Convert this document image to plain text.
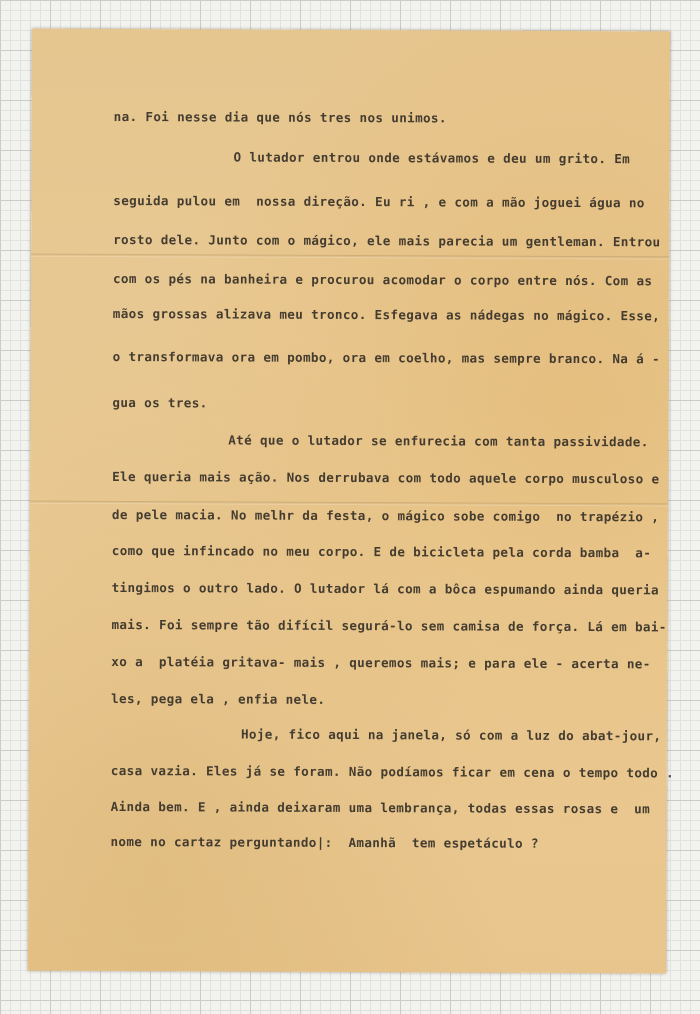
na. Foi nesse dia que nós tres nos unimos.
O lutador entrou onde estávamos e deu um grito. Em
seguida pulou em  nossa direção. Eu ri , e com a mão joguei água no
rosto dele. Junto com o mágico, ele mais parecia um gentleman. Entrou
com os pés na banheira e procurou acomodar o corpo entre nós. Com as
mãos grossas alizava meu tronco. Esfegava as nádegas no mágico. Esse,
o transformava ora em pombo, ora em coelho, mas sempre branco. Na á -
gua os tres.
Até que o lutador se enfurecia com tanta passividade.
Ele queria mais ação. Nos derrubava com todo aquele corpo musculoso e
de pele macia. No melhr da festa, o mágico sobe comigo  no trapézio ,
como que infincado no meu corpo. E de bicicleta pela corda bamba  a-
tingimos o outro lado. O lutador lá com a bôca espumando ainda queria
mais. Foi sempre tão difícil segurá-lo sem camisa de força. Lá em bai-
xo a  platéia gritava- mais , queremos mais; e para ele - acerta ne-
les, pega ela , enfia nele.
Hoje, fico aqui na janela, só com a luz do abat-jour,
casa vazia. Eles já se foram. Não podíamos ficar em cena o tempo todo .
Ainda bem. E , ainda deixaram uma lembrança, todas essas rosas e  um
nome no cartaz perguntando|:  Amanhã  tem espetáculo ?
